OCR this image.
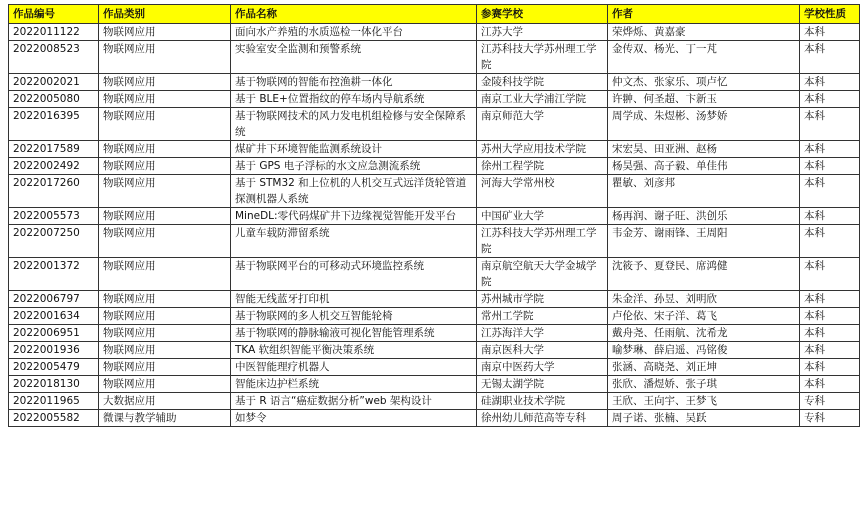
作品编号	作品类别	作品名称	参赛学校	作者	学校性质
2022011122	物联网应用	面向水产养殖的水质巡检一体化平台	江苏大学	荣烨烁、黄嘉豪	本科
2022008523	物联网应用	实验室安全监测和预警系统	江苏科技大学苏州理工学院	金传双、杨光、丁一芃	本科
2022002021	物联网应用	基于物联网的智能布控渔耕一体化	金陵科技学院	仲文杰、张家乐、项卢忆	本科
2022005080	物联网应用	基于 BLE+位置指纹的停车场内导航系统	南京工业大学浦江学院	许翀、何圣超、卞新玉	本科
2022016395	物联网应用	基于物联网技术的风力发电机组检修与安全保障系统	南京师范大学	周学成、朱煜彬、汤梦娇	本科
2022017589	物联网应用	煤矿井下环境智能监测系统设计	苏州大学应用技术学院	宋宏昊、田亚洲、赵杨	本科
2022002492	物联网应用	基于 GPS 电子浮标的水文应急测流系统	徐州工程学院	杨昊强、高子毅、单佳伟	本科
2022017260	物联网应用	基于 STM32 和上位机的人机交互式远洋货轮管道探测机器人系统	河海大学常州校	瞿敏、刘彦邦	本科
2022005573	物联网应用	MineDL:零代码煤矿井下边缘视觉智能开发平台	中国矿业大学	杨再润、谢子旺、洪创乐	本科
2022007250	物联网应用	儿童车载防滞留系统	江苏科技大学苏州理工学院	韦金芳、谢雨锋、王周阳	本科
2022001372	物联网应用	基于物联网平台的可移动式环境监控系统	南京航空航天大学金城学院	沈筱予、夏登民、席鸿健	本科
2022006797	物联网应用	智能无线蓝牙打印机	苏州城市学院	朱金洋、孙昱、刘明欣	本科
2022001634	物联网应用	基于物联网的多人机交互智能轮椅	常州工学院	卢伦依、宋子洋、葛飞	本科
2022006951	物联网应用	基于物联网的静脉输液可视化智能管理系统	江苏海洋大学	戴舟尧、任雨航、沈希龙	本科
2022001936	物联网应用	TKA 软组织智能平衡决策系统	南京医科大学	喻梦琳、薛启遥、冯铭俊	本科
2022005479	物联网应用	中医智能理疗机器人	南京中医药大学	张涵、高晓尧、刘正坤	本科
2022018130	物联网应用	智能床边护栏系统	无锡太湖学院	张欣、潘煜娇、张子琪	本科
2022011965	大数据应用	基于 R 语言“癌症数据分析”web 架构设计	硅湖职业技术学院	王欣、王向宇、王梦飞	专科
2022005582	微课与教学辅助	如梦令	徐州幼儿师范高等专科	周子诺、张楠、吴跃	专科
